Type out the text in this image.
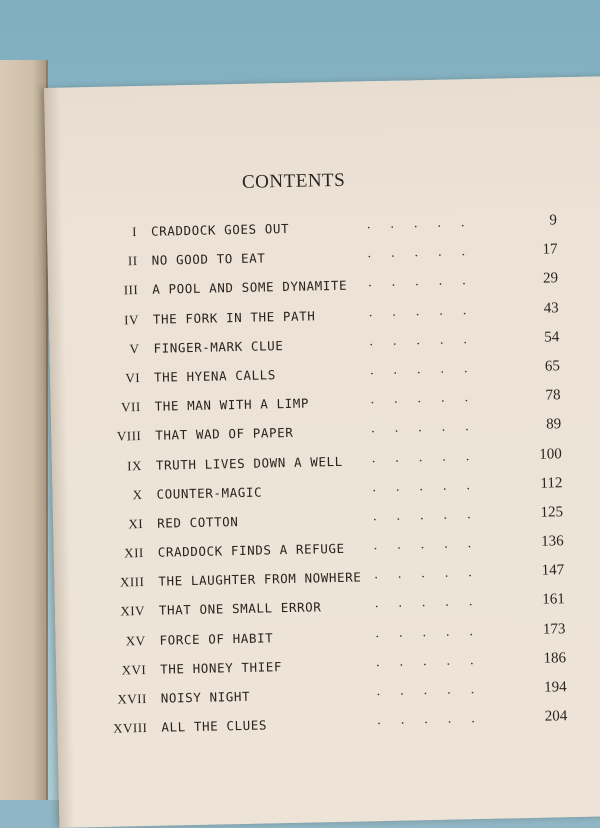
CONTENTS
I CRADDOCK GOES OUT	.....	9
II NO GOOD TO EAT	.....	17
III A POOL AND SOME DYNAMITE .....	29
IV THE FORK IN THE PATH	.....	43
V FINGER-MARK CLUE	.....	54
VI THE HYENA CALLS	.....	65
VII THE MAN WITH A LIMP	.....	78
VIII THAT WAD OF PAPER	.....	89
IX TRUTH LIVES DOWN A WELL .....	100
X COUNTER-MAGIC	.....	112
XI RED COTTON	.....	125
XII CRADDOCK FINDS A REFUGE .....	136
XIII THE LAUGHTER FROM NOWHERE .....	147
XIV THAT ONE SMALL ERROR	.....	161
XV FORCE OF HABIT	.....	173
XVI THE HONEY THIEF	.....	186
XVII NOISY NIGHT	.....	194
XVIII ALL THE CLUES	.....	204
